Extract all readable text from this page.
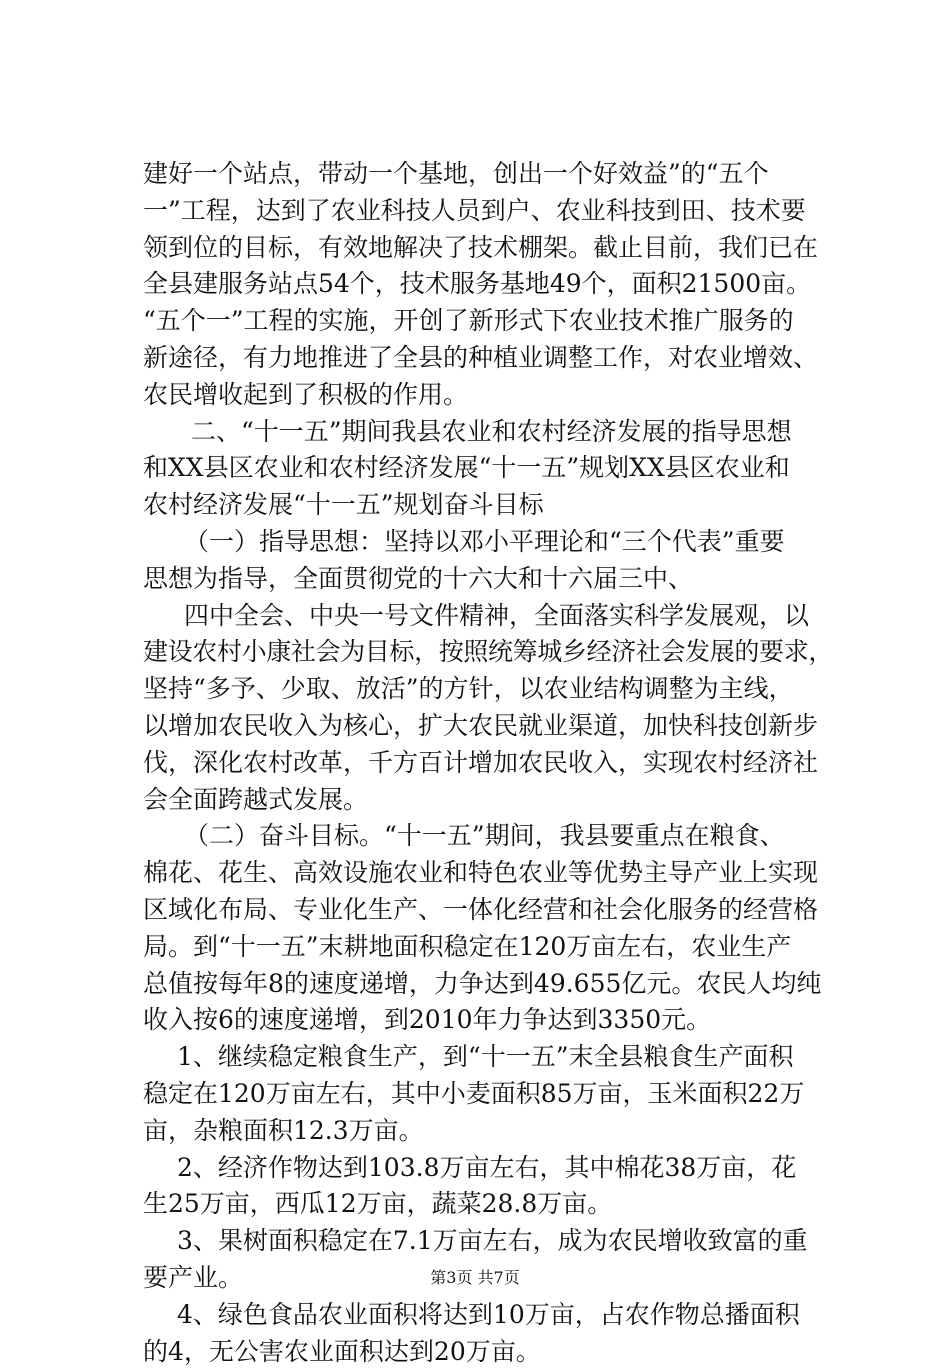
建好一个站点，带动一个基地，创出一个好效益”的“五个
一”工程，达到了农业科技人员到户、农业科技到田、技术要
领到位的目标，有效地解决了技术棚架。截止目前，我们已在
全县建服务站点54个，技术服务基地49个，面积21500亩。
“五个一”工程的实施，开创了新形式下农业技术推广服务的
新途径，有力地推进了全县的种植业调整工作，对农业增效、
农民增收起到了积极的作用。
二、“十一五”期间我县农业和农村经济发展的指导思想
和XX县区农业和农村经济发展“十一五”规划XX县区农业和
农村经济发展“十一五”规划奋斗目标
（一）指导思想：坚持以邓小平理论和“三个代表”重要
思想为指导，全面贯彻党的十六大和十六届三中、
四中全会、中央一号文件精神，全面落实科学发展观，以
建设农村小康社会为目标，按照统筹城乡经济社会发展的要求，
坚持“多予、少取、放活”的方针，以农业结构调整为主线，
以增加农民收入为核心，扩大农民就业渠道，加快科技创新步
伐，深化农村改革，千方百计增加农民收入，实现农村经济社
会全面跨越式发展。
（二）奋斗目标。“十一五”期间，我县要重点在粮食、
棉花、花生、高效设施农业和特色农业等优势主导产业上实现
区域化布局、专业化生产、一体化经营和社会化服务的经营格
局。到“十一五”末耕地面积稳定在120万亩左右，农业生产
总值按每年8的速度递增，力争达到49.655亿元。农民人均纯
收入按6的速度递增，到2010年力争达到3350元。
1、继续稳定粮食生产，到“十一五”末全县粮食生产面积
稳定在120万亩左右，其中小麦面积85万亩，玉米面积22万
亩，杂粮面积12.3万亩。
2、经济作物达到103.8万亩左右，其中棉花38万亩，花
生25万亩，西瓜12万亩，蔬菜28.8万亩。
3、果树面积稳定在7.1万亩左右，成为农民增收致富的重
要产业。
4、绿色食品农业面积将达到10万亩，占农作物总播面积
的4，无公害农业面积达到20万亩。
第3页 共7页
